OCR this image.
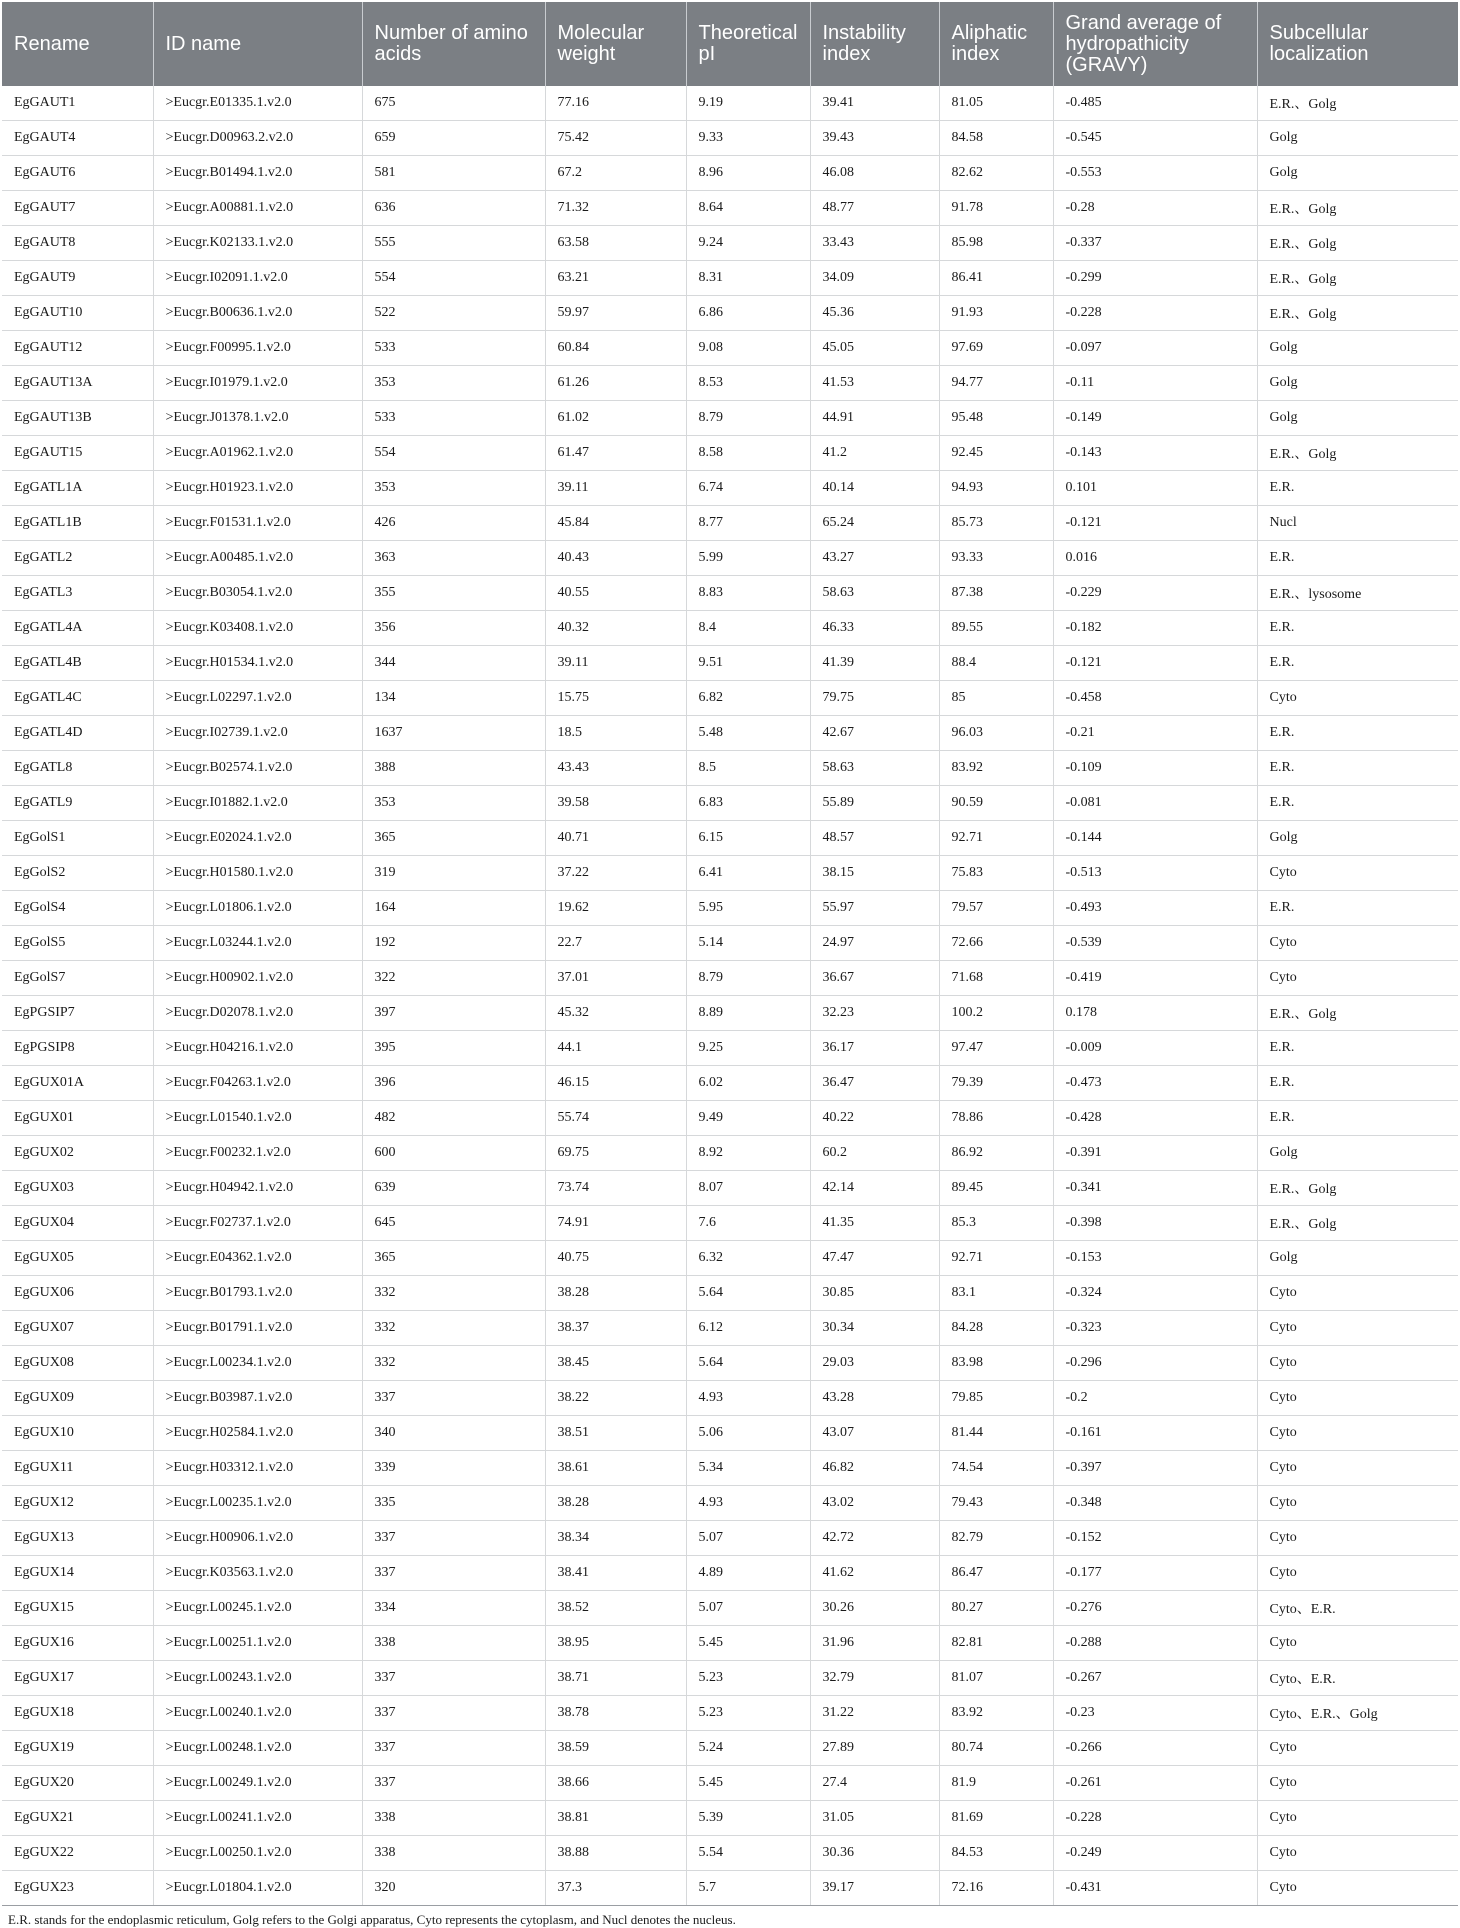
Rename	ID name	Number of amino acids	Molecular weight	Theoretical pI	Instability index	Aliphatic index	Grand average of hydropathicity (GRAVY)	Subcellular localization
EgGAUT1	>Eucgr.E01335.1.v2.0	675	77.16	9.19	39.41	81.05	-0.485	E.R.、Golg
EgGAUT4	>Eucgr.D00963.2.v2.0	659	75.42	9.33	39.43	84.58	-0.545	Golg
EgGAUT6	>Eucgr.B01494.1.v2.0	581	67.2	8.96	46.08	82.62	-0.553	Golg
EgGAUT7	>Eucgr.A00881.1.v2.0	636	71.32	8.64	48.77	91.78	-0.28	E.R.、Golg
EgGAUT8	>Eucgr.K02133.1.v2.0	555	63.58	9.24	33.43	85.98	-0.337	E.R.、Golg
EgGAUT9	>Eucgr.I02091.1.v2.0	554	63.21	8.31	34.09	86.41	-0.299	E.R.、Golg
EgGAUT10	>Eucgr.B00636.1.v2.0	522	59.97	6.86	45.36	91.93	-0.228	E.R.、Golg
EgGAUT12	>Eucgr.F00995.1.v2.0	533	60.84	9.08	45.05	97.69	-0.097	Golg
EgGAUT13A	>Eucgr.I01979.1.v2.0	353	61.26	8.53	41.53	94.77	-0.11	Golg
EgGAUT13B	>Eucgr.J01378.1.v2.0	533	61.02	8.79	44.91	95.48	-0.149	Golg
EgGAUT15	>Eucgr.A01962.1.v2.0	554	61.47	8.58	41.2	92.45	-0.143	E.R.、Golg
EgGATL1A	>Eucgr.H01923.1.v2.0	353	39.11	6.74	40.14	94.93	0.101	E.R.
EgGATL1B	>Eucgr.F01531.1.v2.0	426	45.84	8.77	65.24	85.73	-0.121	Nucl
EgGATL2	>Eucgr.A00485.1.v2.0	363	40.43	5.99	43.27	93.33	0.016	E.R.
EgGATL3	>Eucgr.B03054.1.v2.0	355	40.55	8.83	58.63	87.38	-0.229	E.R.、lysosome
EgGATL4A	>Eucgr.K03408.1.v2.0	356	40.32	8.4	46.33	89.55	-0.182	E.R.
EgGATL4B	>Eucgr.H01534.1.v2.0	344	39.11	9.51	41.39	88.4	-0.121	E.R.
EgGATL4C	>Eucgr.L02297.1.v2.0	134	15.75	6.82	79.75	85	-0.458	Cyto
EgGATL4D	>Eucgr.I02739.1.v2.0	1637	18.5	5.48	42.67	96.03	-0.21	E.R.
EgGATL8	>Eucgr.B02574.1.v2.0	388	43.43	8.5	58.63	83.92	-0.109	E.R.
EgGATL9	>Eucgr.I01882.1.v2.0	353	39.58	6.83	55.89	90.59	-0.081	E.R.
EgGolS1	>Eucgr.E02024.1.v2.0	365	40.71	6.15	48.57	92.71	-0.144	Golg
EgGolS2	>Eucgr.H01580.1.v2.0	319	37.22	6.41	38.15	75.83	-0.513	Cyto
EgGolS4	>Eucgr.L01806.1.v2.0	164	19.62	5.95	55.97	79.57	-0.493	E.R.
EgGolS5	>Eucgr.L03244.1.v2.0	192	22.7	5.14	24.97	72.66	-0.539	Cyto
EgGolS7	>Eucgr.H00902.1.v2.0	322	37.01	8.79	36.67	71.68	-0.419	Cyto
EgPGSIP7	>Eucgr.D02078.1.v2.0	397	45.32	8.89	32.23	100.2	0.178	E.R.、Golg
EgPGSIP8	>Eucgr.H04216.1.v2.0	395	44.1	9.25	36.17	97.47	-0.009	E.R.
EgGUX01A	>Eucgr.F04263.1.v2.0	396	46.15	6.02	36.47	79.39	-0.473	E.R.
EgGUX01	>Eucgr.L01540.1.v2.0	482	55.74	9.49	40.22	78.86	-0.428	E.R.
EgGUX02	>Eucgr.F00232.1.v2.0	600	69.75	8.92	60.2	86.92	-0.391	Golg
EgGUX03	>Eucgr.H04942.1.v2.0	639	73.74	8.07	42.14	89.45	-0.341	E.R.、Golg
EgGUX04	>Eucgr.F02737.1.v2.0	645	74.91	7.6	41.35	85.3	-0.398	E.R.、Golg
EgGUX05	>Eucgr.E04362.1.v2.0	365	40.75	6.32	47.47	92.71	-0.153	Golg
EgGUX06	>Eucgr.B01793.1.v2.0	332	38.28	5.64	30.85	83.1	-0.324	Cyto
EgGUX07	>Eucgr.B01791.1.v2.0	332	38.37	6.12	30.34	84.28	-0.323	Cyto
EgGUX08	>Eucgr.L00234.1.v2.0	332	38.45	5.64	29.03	83.98	-0.296	Cyto
EgGUX09	>Eucgr.B03987.1.v2.0	337	38.22	4.93	43.28	79.85	-0.2	Cyto
EgGUX10	>Eucgr.H02584.1.v2.0	340	38.51	5.06	43.07	81.44	-0.161	Cyto
EgGUX11	>Eucgr.H03312.1.v2.0	339	38.61	5.34	46.82	74.54	-0.397	Cyto
EgGUX12	>Eucgr.L00235.1.v2.0	335	38.28	4.93	43.02	79.43	-0.348	Cyto
EgGUX13	>Eucgr.H00906.1.v2.0	337	38.34	5.07	42.72	82.79	-0.152	Cyto
EgGUX14	>Eucgr.K03563.1.v2.0	337	38.41	4.89	41.62	86.47	-0.177	Cyto
EgGUX15	>Eucgr.L00245.1.v2.0	334	38.52	5.07	30.26	80.27	-0.276	Cyto、E.R.
EgGUX16	>Eucgr.L00251.1.v2.0	338	38.95	5.45	31.96	82.81	-0.288	Cyto
EgGUX17	>Eucgr.L00243.1.v2.0	337	38.71	5.23	32.79	81.07	-0.267	Cyto、E.R.
EgGUX18	>Eucgr.L00240.1.v2.0	337	38.78	5.23	31.22	83.92	-0.23	Cyto、E.R.、Golg
EgGUX19	>Eucgr.L00248.1.v2.0	337	38.59	5.24	27.89	80.74	-0.266	Cyto
EgGUX20	>Eucgr.L00249.1.v2.0	337	38.66	5.45	27.4	81.9	-0.261	Cyto
EgGUX21	>Eucgr.L00241.1.v2.0	338	38.81	5.39	31.05	81.69	-0.228	Cyto
EgGUX22	>Eucgr.L00250.1.v2.0	338	38.88	5.54	30.36	84.53	-0.249	Cyto
EgGUX23	>Eucgr.L01804.1.v2.0	320	37.3	5.7	39.17	72.16	-0.431	Cyto
E.R. stands for the endoplasmic reticulum, Golg refers to the Golgi apparatus, Cyto represents the cytoplasm, and Nucl denotes the nucleus.
